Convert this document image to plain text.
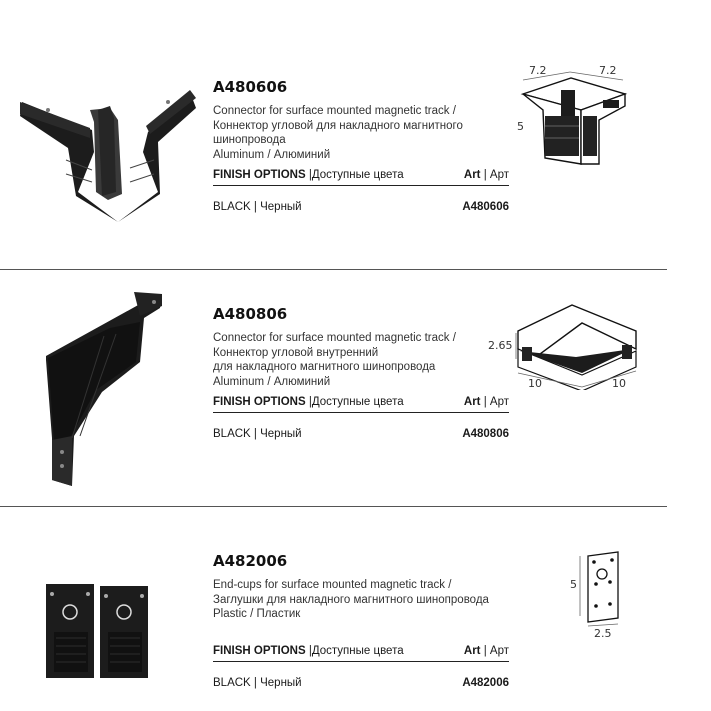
A480606
Connector for surface mounted magnetic track /
Коннектор угловой для накладного магнитного
шинопровода
Aluminum / Алюминий
FINISH OPTIONS |Доступные цвета	Art | Арт
BLACK | Черный	A480606
7.2	7.2
5
A480806
Connector for surface mounted magnetic track /
Коннектор угловой внутренний
для накладного магнитного шинопровода
Aluminum / Алюминий
FINISH OPTIONS |Доступные цвета	Art | Арт
BLACK | Черный	A480806
2.65
10	10
A482006
End-cups for surface mounted magnetic track /
Заглушки для накладного магнитного шинопровода
Plastic / Пластик
FINISH OPTIONS |Доступные цвета	Art | Арт
BLACK | Черный	A482006
5
2.5
